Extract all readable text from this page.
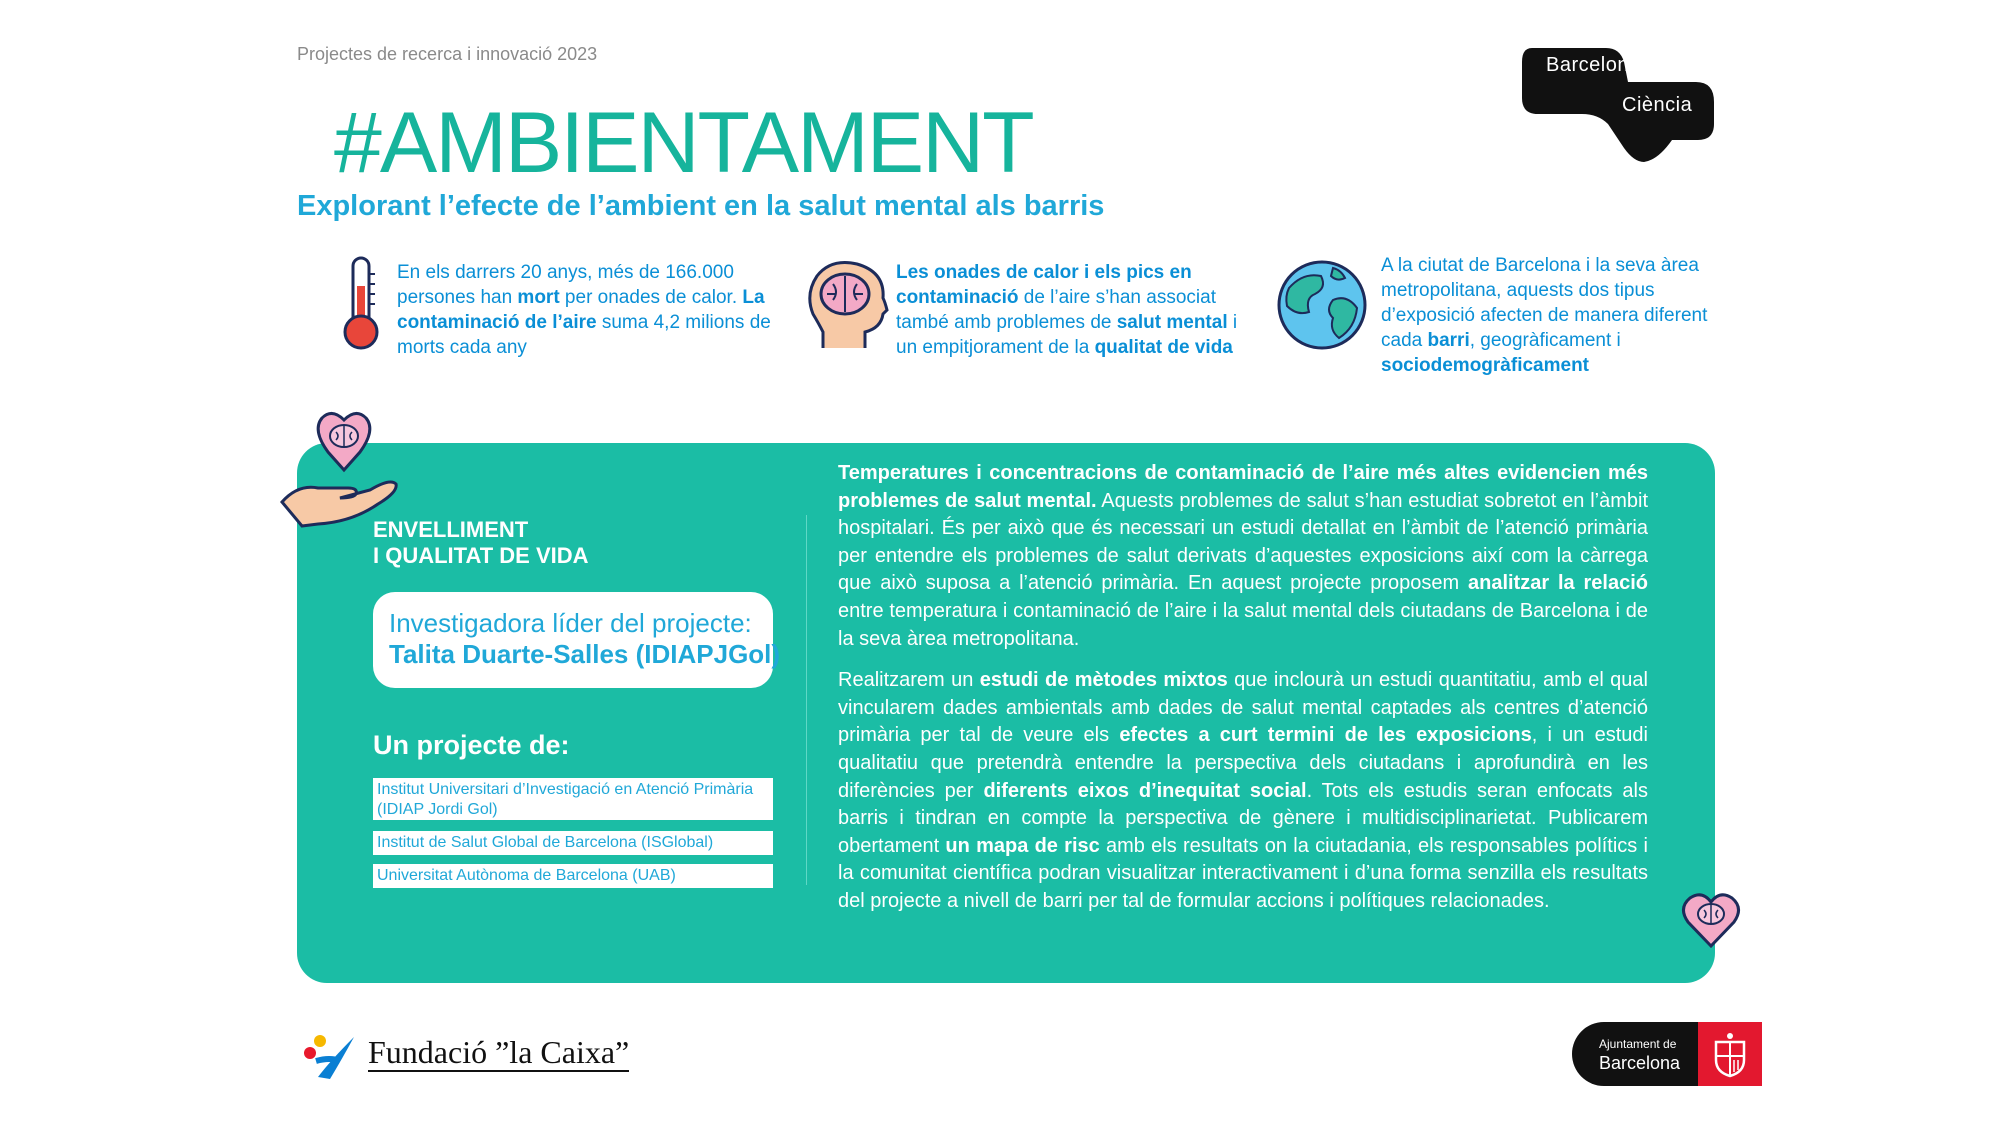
Projectes de recerca i innovació 2023	Barcelona
Ciència
#AMBIENTAMENT
Explorant l’efecte de l’ambient en la salut mental als barris
En els darrers 20 anys, més de 166.000 persones han mort per onades de calor. La contaminació de l’aire suma 4,2 milions de morts cada any
Les onades de calor i els pics en contaminació de l’aire s’han associat també amb problemes de salut mental i un empitjorament de la qualitat de vida
A la ciutat de Barcelona i la seva àrea metropolitana, aquests dos tipus d’exposició afecten de manera diferent cada barri, geogràficament i sociodemogràficament
ENVELLIMENT
I QUALITAT DE VIDA
Investigadora líder del projecte:
Talita Duarte-Salles (IDIAPJGol)
Un projecte de:
Institut Universitari d’Investigació en Atenció Primària (IDIAP Jordi Gol)
Institut de Salut Global de Barcelona (ISGlobal)
Universitat Autònoma de Barcelona (UAB)

Temperatures i concentracions de contaminació de l’aire més altes evidencien més problemes de salut mental. Aquests problemes de salut s’han estudiat sobretot en l’àmbit hospitalari. És per això que és necessari un estudi detallat en l’àmbit de l’atenció primària per entendre els problemes de salut derivats d’aquestes exposicions així com la càrrega que això suposa a l’atenció primària. En aquest projecte proposem analitzar la relació entre temperatura i contaminació de l’aire i la salut mental dels ciutadans de Barcelona i de la seva àrea metropolitana.

Realitzarem un estudi de mètodes mixtos que inclourà un estudi quantitatiu, amb el qual vincularem dades ambientals amb dades de salut mental captades als centres d’atenció primària per tal de veure els efectes a curt termini de les exposicions, i un estudi qualitatiu que pretendrà entendre la perspectiva dels ciutadans i aprofundirà en les diferències per diferents eixos d’inequitat social. Tots els estudis seran enfocats als barris i tindran en compte la perspectiva de gènere i multidisciplinarietat. Publicarem obertament un mapa de risc amb els resultats on la ciutadania, els responsables polítics i la comunitat científica podran visualitzar interactivament i d’una forma senzilla els resultats del projecte a nivell de barri per tal de formular accions i polítiques relacionades.

Fundació ”la Caixa”	Ajuntament de
Barcelona
